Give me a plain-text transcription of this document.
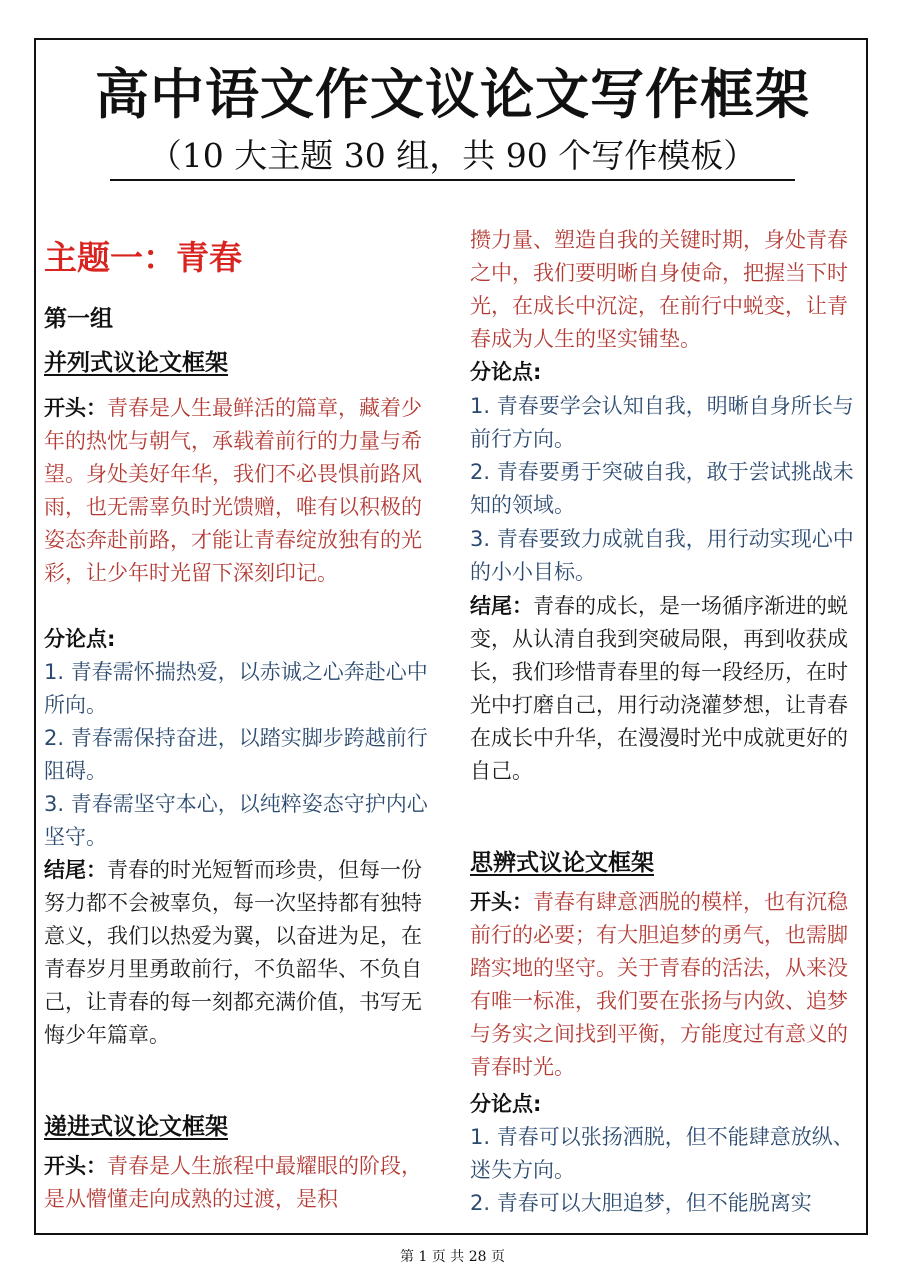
高中语文作文议论文写作框架
（10 大主题 30 组，共 90 个写作模板）
主题一：青春
第一组
并列式议论文框架

开头：青春是人生最鲜活的篇章，藏着少年的热忱与朝气，承载着前行的力量与希望。身处美好年华，我们不必畏惧前路风雨，也无需辜负时光馈赠，唯有以积极的姿态奔赴前路，才能让青春绽放独有的光彩，让少年时光留下深刻印记。

分论点:

1. 青春需怀揣热爱，以赤诚之心奔赴心中所向。

2. 青春需保持奋进，以踏实脚步跨越前行阻碍。

3. 青春需坚守本心，以纯粹姿态守护内心坚守。

结尾：青春的时光短暂而珍贵，但每一份努力都不会被辜负，每一次坚持都有独特意义，我们以热爱为翼，以奋进为足，在青春岁月里勇敢前行，不负韶华、不负自己，让青春的每一刻都充满价值，书写无悔少年篇章。

递进式议论文框架

开头：青春是人生旅程中最耀眼的阶段，是从懵懂走向成熟的过渡，是积

攒力量、塑造自我的关键时期，身处青春之中，我们要明晰自身使命，把握当下时光，在成长中沉淀，在前行中蜕变，让青春成为人生的坚实铺垫。

分论点:

1. 青春要学会认知自我，明晰自身所长与前行方向。

2. 青春要勇于突破自我，敢于尝试挑战未知的领域。

3. 青春要致力成就自我，用行动实现心中的小小目标。

结尾：青春的成长，是一场循序渐进的蜕变，从认清自我到突破局限，再到收获成长，我们珍惜青春里的每一段经历，在时光中打磨自己，用行动浇灌梦想，让青春在成长中升华，在漫漫时光中成就更好的自己。

思辨式议论文框架

开头：青春有肆意洒脱的模样，也有沉稳前行的必要；有大胆追梦的勇气，也需脚踏实地的坚守。关于青春的活法，从来没有唯一标准，我们要在张扬与内敛、追梦与务实之间找到平衡，方能度过有意义的青春时光。

分论点:

1. 青春可以张扬洒脱，但不能肆意放纵、迷失方向。

2. 青春可以大胆追梦，但不能脱离实

第 1 页 共 28 页
